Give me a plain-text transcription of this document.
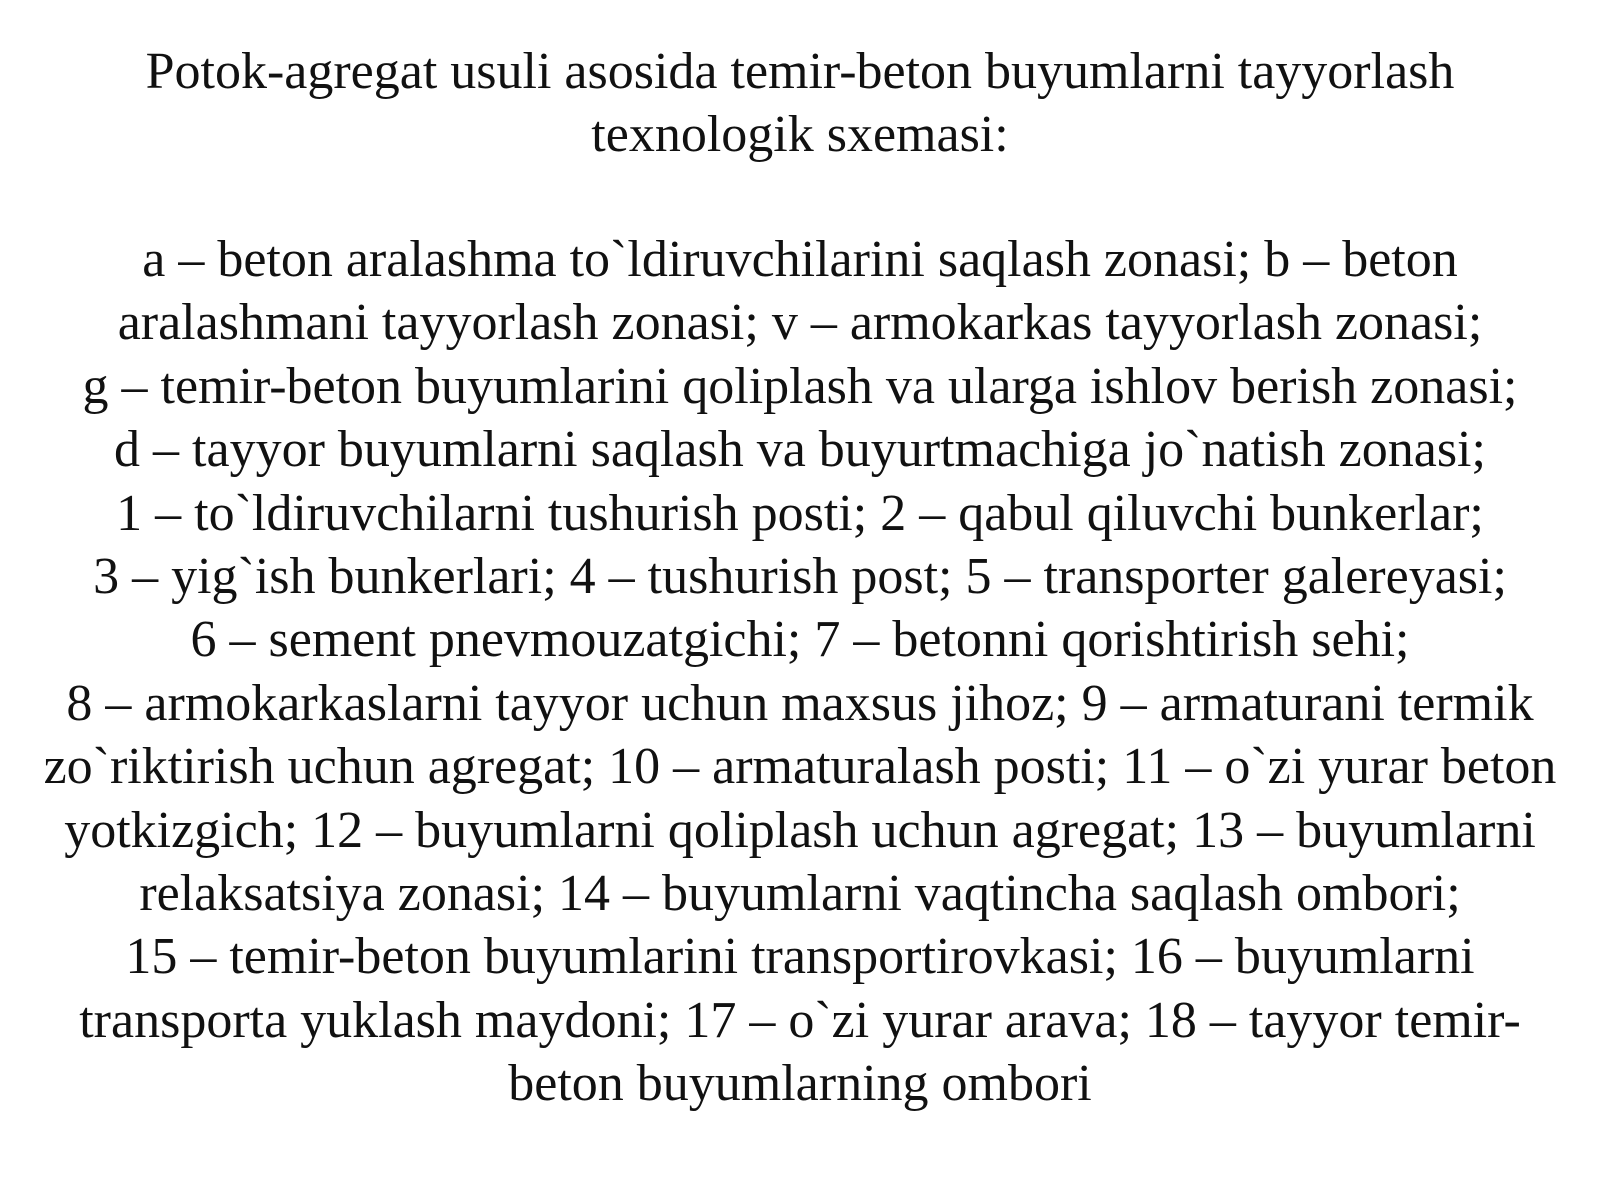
Potok-agregat usuli asosida temir-beton buyumlarni tayyorlash
texnologik sxemasi:
a – beton aralashma to`ldiruvchilarini saqlash zonasi; b – beton
aralashmani tayyorlash zonasi; v – armokarkas tayyorlash zonasi;
g – temir-beton buyumlarini qoliplash va ularga ishlov berish zonasi;
d – tayyor buyumlarni saqlash va buyurtmachiga jo`natish zonasi;
1 – to`ldiruvchilarni tushurish posti; 2 – qabul qiluvchi bunkerlar;
3 – yig`ish bunkerlari; 4 – tushurish post; 5 – transporter galereyasi;
6 – sement pnevmouzatgichi; 7 – betonni qorishtirish sehi;
8 – armokarkaslarni tayyor uchun maxsus jihoz; 9 – armaturani termik
zo`riktirish uchun agregat; 10 – armaturalash posti; 11 – o`zi yurar beton
yotkizgich; 12 – buyumlarni qoliplash uchun agregat; 13 – buyumlarni
relaksatsiya zonasi; 14 – buyumlarni vaqtincha saqlash ombori;
15 – temir-beton buyumlarini transportirovkasi; 16 – buyumlarni
transporta yuklash maydoni; 17 – o`zi yurar arava; 18 – tayyor temir-
beton buyumlarning ombori
